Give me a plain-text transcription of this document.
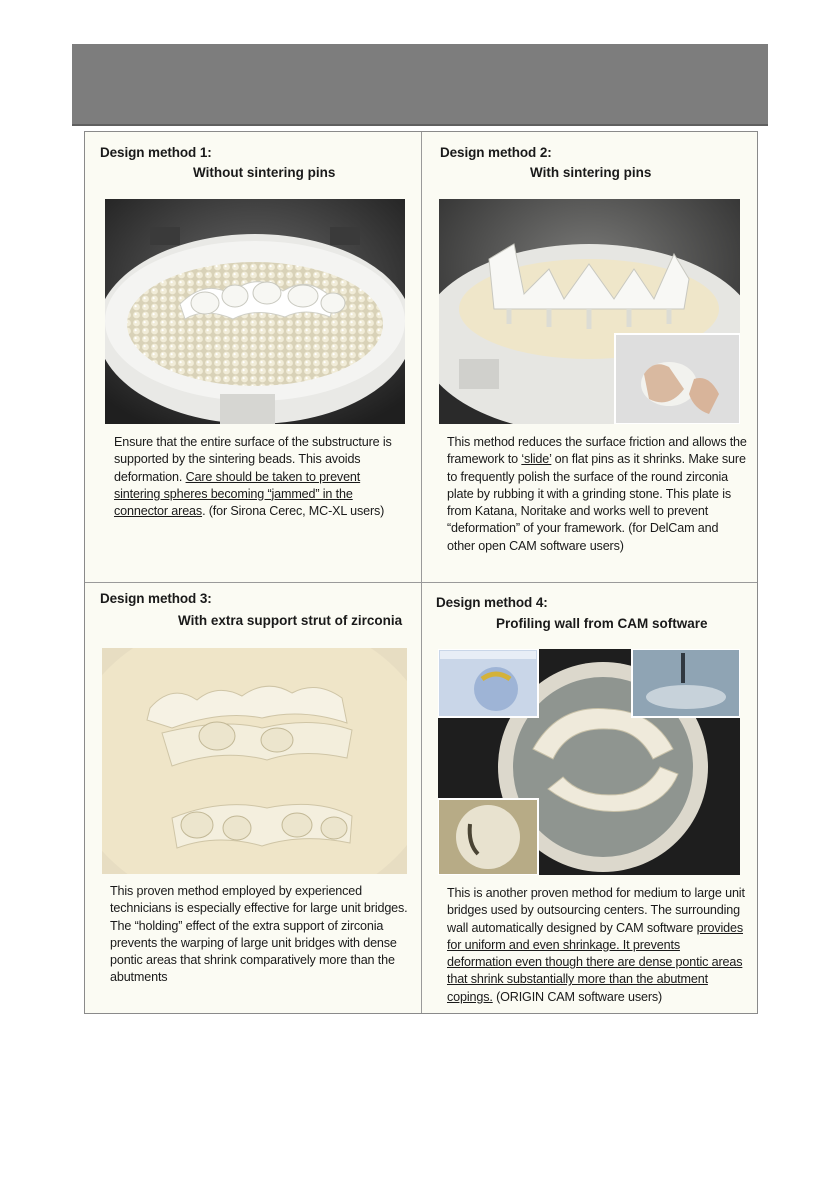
Design method 1:
Without sintering pins
Ensure that the entire surface of the substructure is supported by the sintering beads. This avoids deformation. Care should be taken to prevent sintering spheres becoming “jammed” in the connector areas. (for Sirona Cerec, MC-XL users)
Design method 2:
With sintering pins
This method reduces the surface friction and allows the framework to ‘slide’ on flat pins as it shrinks. Make sure to frequently polish the surface of the round zirconia plate by rubbing it with a grinding stone. This plate is from Katana, Noritake and works well to prevent “deformation” of your framework. (for DelCam and other open CAM software users)
Design method 3:
With extra support strut of zirconia
This proven method employed by experienced technicians is especially effective for large unit bridges. The “holding” effect of the extra support of zirconia prevents the warping of large unit bridges with dense pontic areas that shrink comparatively more than the abutments
Design method 4:
Profiling wall from CAM software
This is another proven method for medium to large unit bridges used by outsourcing centers. The surrounding wall automatically designed by CAM software provides for uniform and even shrinkage. It prevents deformation even though there are dense pontic areas that shrink substantially more than the abutment copings. (ORIGIN CAM software users)
